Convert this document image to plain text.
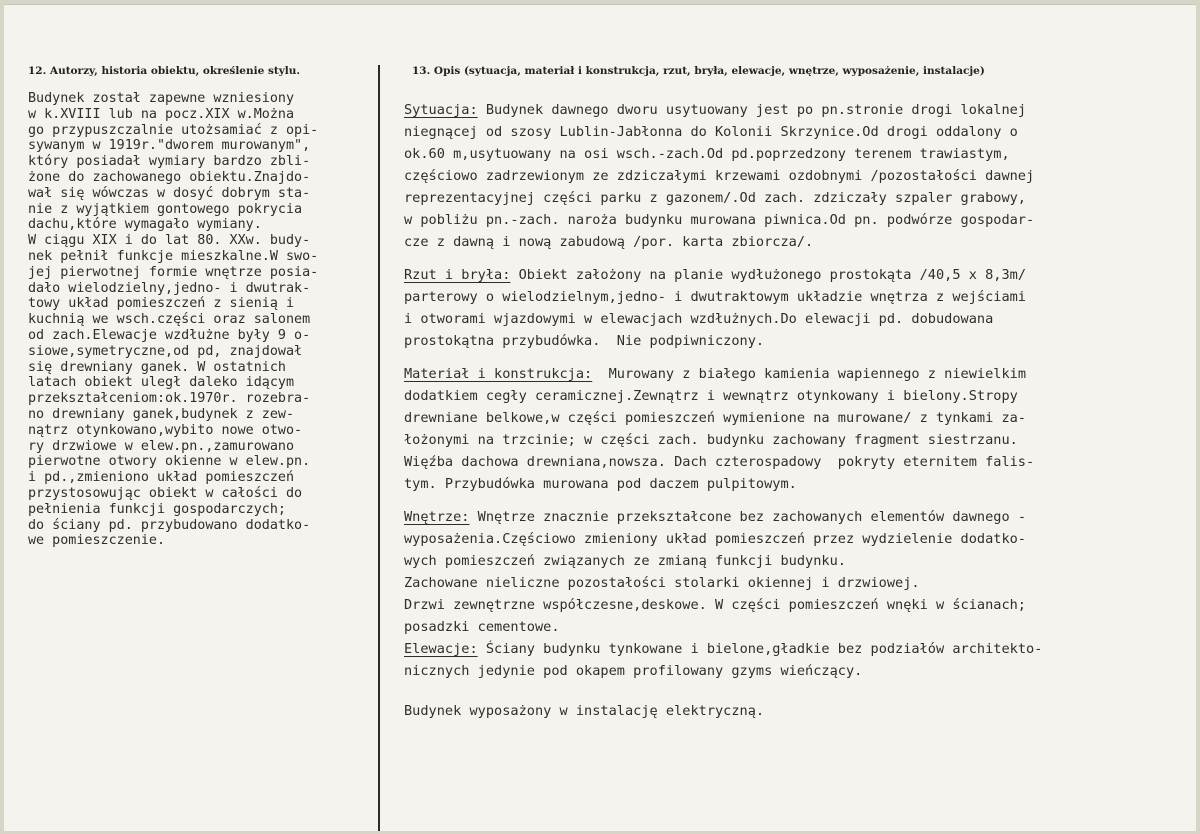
12. Autorzy, historia obiektu, określenie stylu.	13. Opis (sytuacja, materiał i konstrukcja, rzut, bryła, elewacje, wnętrze, wyposażenie, instalacje)
Budynek został zapewne wzniesiony
w k.XVIII lub na pocz.XIX w.Można
go przypuszczalnie utożsamiać z opi-
sywanym w 1919r."dworem murowanym",
który posiadał wymiary bardzo zbli-
żone do zachowanego obiektu.Znajdo-
wał się wówczas w dosyć dobrym sta-
nie z wyjątkiem gontowego pokrycia
dachu,które wymagało wymiany.
W ciągu XIX i do lat 80. XXw. budy-
nek pełnił funkcje mieszkalne.W swo-
jej pierwotnej formie wnętrze posia-
dało wielodzielny,jedno- i dwutrak-
towy układ pomieszczeń z sienią i
kuchnią we wsch.części oraz salonem
od zach.Elewacje wzdłużne były 9 o-
siowe,symetryczne,od pd, znajdował
się drewniany ganek. W ostatnich
latach obiekt uległ daleko idącym
przekształceniom:ok.1970r. rozebra-
no drewniany ganek,budynek z zew-
nątrz otynkowano,wybito nowe otwo-
ry drzwiowe w elew.pn.,zamurowano
pierwotne otwory okienne w elew.pn.
i pd.,zmieniono układ pomieszczeń
przystosowując obiekt w całości do
pełnienia funkcji gospodarczych;
do ściany pd. przybudowano dodatko-
we pomieszczenie.
Sytuacja: Budynek dawnego dworu usytuowany jest po pn.stronie drogi lokalnej
niegnącej od szosy Lublin-Jabłonna do Kolonii Skrzynice.Od drogi oddalony o
ok.60 m,usytuowany na osi wsch.-zach.Od pd.poprzedzony terenem trawiastym,
częściowo zadrzewionym ze zdziczałymi krzewami ozdobnymi /pozostałości dawnej
reprezentacyjnej części parku z gazonem/.Od zach. zdziczały szpaler grabowy,
w pobliżu pn.-zach. naroża budynku murowana piwnica.Od pn. podwórze gospodar-
cze z dawną i nową zabudową /por. karta zbiorcza/.
Rzut i bryła: Obiekt założony na planie wydłużonego prostokąta /40,5 x 8,3m/
parterowy o wielodzielnym,jedno- i dwutraktowym układzie wnętrza z wejściami
i otworami wjazdowymi w elewacjach wzdłużnych.Do elewacji pd. dobudowana
prostokątna przybudówka.  Nie podpiwniczony.
Materiał i konstrukcja:  Murowany z białego kamienia wapiennego z niewielkim
dodatkiem cegły ceramicznej.Zewnątrz i wewnątrz otynkowany i bielony.Stropy
drewniane belkowe,w części pomieszczeń wymienione na murowane/ z tynkami za-
łożonymi na trzcinie; w części zach. budynku zachowany fragment siestrzanu.
Więźba dachowa drewniana,nowsza. Dach czterospadowy  pokryty eternitem falis-
tym. Przybudówka murowana pod daczem pulpitowym.
Wnętrze: Wnętrze znacznie przekształcone bez zachowanych elementów dawnego -
wyposażenia.Częściowo zmieniony układ pomieszczeń przez wydzielenie dodatko-
wych pomieszczeń związanych ze zmianą funkcji budynku.
Zachowane nieliczne pozostałości stolarki okiennej i drzwiowej.
Drzwi zewnętrzne współczesne,deskowe. W części pomieszczeń wnęki w ścianach;
posadzki cementowe.
Elewacje: Ściany budynku tynkowane i bielone,gładkie bez podziałów architekto-
nicznych jedynie pod okapem profilowany gzyms wieńczący.
Budynek wyposażony w instalację elektryczną.
